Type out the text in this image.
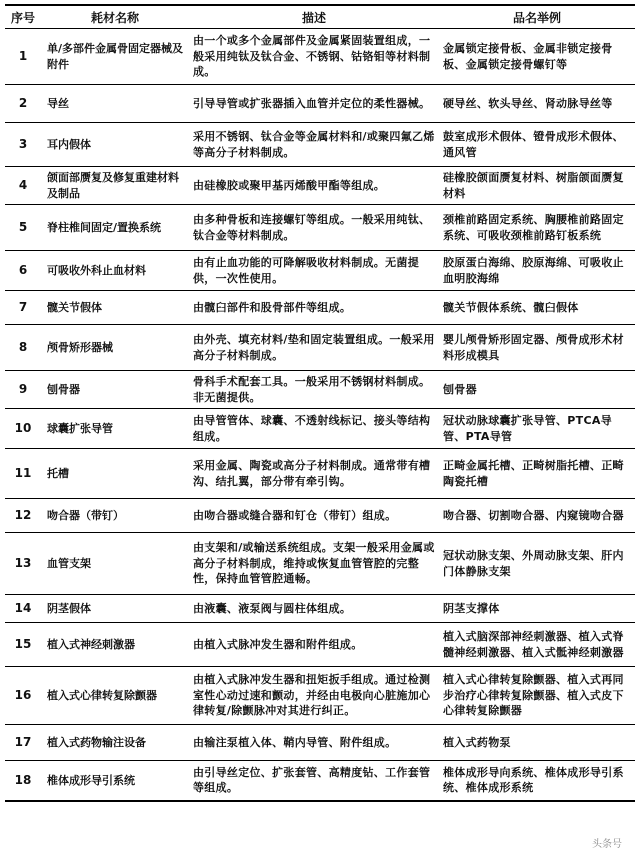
序号	耗材名称	描述	品名举例
1	单/多部件金属骨固定器械及附件	由一个或多个金属部件及金属紧固装置组成，一般采用纯钛及钛合金、不锈钢、钴铬钼等材料制成。	金属锁定接骨板、金属非锁定接骨板、金属锁定接骨螺钉等
2	导丝	引导导管或扩张器插入血管并定位的柔性器械。	硬导丝、软头导丝、肾动脉导丝等
3	耳内假体	采用不锈钢、钛合金等金属材料和/或聚四氟乙烯等高分子材料制成。	鼓室成形术假体、镫骨成形术假体、通风管
4	颌面部赝复及修复重建材料及制品	由硅橡胶或聚甲基丙烯酸甲酯等组成。	硅橡胶颌面赝复材料、树脂颌面赝复材料
5	脊柱椎间固定/置换系统	由多种骨板和连接螺钉等组成。一般采用纯钛、钛合金等材料制成。	颈椎前路固定系统、胸腰椎前路固定系统、可吸收颈椎前路钉板系统
6	可吸收外科止血材料	由有止血功能的可降解吸收材料制成。无菌提供，一次性使用。	胶原蛋白海绵、胶原海绵、可吸收止血明胶海绵
7	髋关节假体	由髋臼部件和股骨部件等组成。	髋关节假体系统、髋臼假体
8	颅骨矫形器械	由外壳、填充材料/垫和固定装置组成。一般采用高分子材料制成。	婴儿颅骨矫形固定器、颅骨成形术材料形成模具
9	刨骨器	骨科手术配套工具。一般采用不锈钢材料制成。非无菌提供。	刨骨器
10	球囊扩张导管	由导管管体、球囊、不透射线标记、接头等结构组成。	冠状动脉球囊扩张导管、PTCA导管、PTA导管
11	托槽	采用金属、陶瓷或高分子材料制成。通常带有槽沟、结扎翼，部分带有牵引钩。	正畸金属托槽、正畸树脂托槽、正畸陶瓷托槽
12	吻合器（带钉）	由吻合器或缝合器和钉仓（带钉）组成。	吻合器、切割吻合器、内窥镜吻合器
13	血管支架	由支架和/或输送系统组成。支架一般采用金属或高分子材料制成，维持或恢复血管管腔的完整性，保持血管管腔通畅。	冠状动脉支架、外周动脉支架、肝内门体静脉支架
14	阴茎假体	由液囊、液泵阀与圆柱体组成。	阴茎支撑体
15	植入式神经刺激器	由植入式脉冲发生器和附件组成。	植入式脑深部神经刺激器、植入式脊髓神经刺激器、植入式骶神经刺激器
16	植入式心律转复除颤器	由植入式脉冲发生器和扭矩扳手组成。通过检测室性心动过速和颤动，并经由电极向心脏施加心律转复/除颤脉冲对其进行纠正。	植入式心律转复除颤器、植入式再同步治疗心律转复除颤器、植入式皮下心律转复除颤器
17	植入式药物输注设备	由输注泵植入体、鞘内导管、附件组成。	植入式药物泵
18	椎体成形导引系统	由引导丝定位、扩张套管、高精度钻、工作套管等组成。	椎体成形导向系统、椎体成形导引系统、椎体成形系统
头条号
